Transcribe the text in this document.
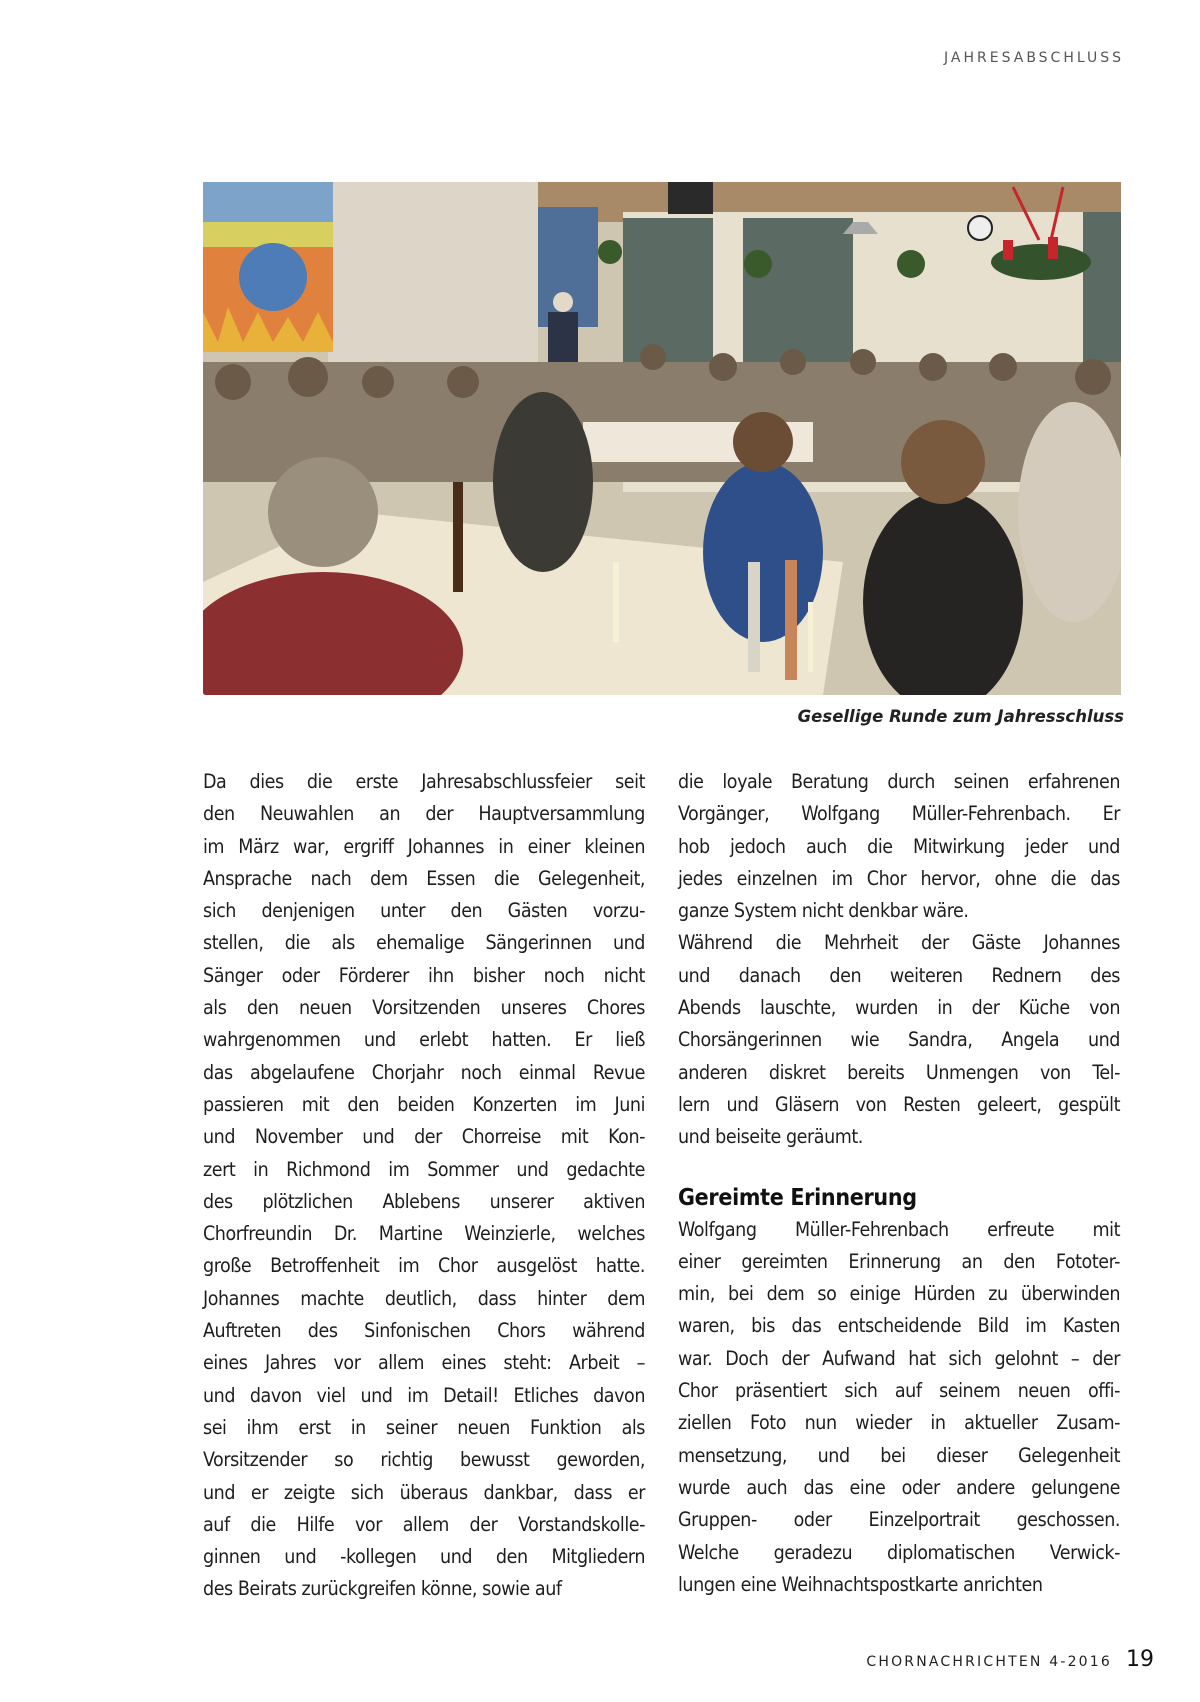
JAHRESABSCHLUSS
Gesellige Runde zum Jahresschluss
Da dies die erste Jahresabschlussfeier seit
den Neuwahlen an der Hauptversammlung
im März war, ergriff Johannes in einer kleinen
Ansprache nach dem Essen die Gelegenheit,
sich denjenigen unter den Gästen vorzu-
stellen, die als ehemalige Sängerinnen und
Sänger oder Förderer ihn bisher noch nicht
als den neuen Vorsitzenden unseres Chores
wahrgenommen und erlebt hatten. Er ließ
das abgelaufene Chorjahr noch einmal Revue
passieren mit den beiden Konzerten im Juni
und November und der Chorreise mit Kon-
zert in Richmond im Sommer und gedachte
des plötzlichen Ablebens unserer aktiven
Chorfreundin Dr. Martine Weinzierle, welches
große Betroffenheit im Chor ausgelöst hatte.
Johannes machte deutlich, dass hinter dem
Auftreten des Sinfonischen Chors während
eines Jahres vor allem eines steht: Arbeit –
und davon viel und im Detail! Etliches davon
sei ihm erst in seiner neuen Funktion als
Vorsitzender so richtig bewusst geworden,
und er zeigte sich überaus dankbar, dass er
auf die Hilfe vor allem der Vorstandskolle-
ginnen und -kollegen und den Mitgliedern
des Beirats zurückgreifen könne, sowie auf
die loyale Beratung durch seinen erfahrenen
Vorgänger, Wolfgang Müller-Fehrenbach. Er
hob jedoch auch die Mitwirkung jeder und
jedes einzelnen im Chor hervor, ohne die das
ganze System nicht denkbar wäre.
Während die Mehrheit der Gäste Johannes
und danach den weiteren Rednern des
Abends lauschte, wurden in der Küche von
Chorsängerinnen wie Sandra, Angela und
anderen diskret bereits Unmengen von Tel-
lern und Gläsern von Resten geleert, gespült
und beiseite geräumt.
Gereimte Erinnerung
Wolfgang Müller-Fehrenbach erfreute mit
einer gereimten Erinnerung an den Fototer-
min, bei dem so einige Hürden zu überwinden
waren, bis das entscheidende Bild im Kasten
war. Doch der Aufwand hat sich gelohnt – der
Chor präsentiert sich auf seinem neuen offi-
ziellen Foto nun wieder in aktueller Zusam-
mensetzung, und bei dieser Gelegenheit
wurde auch das eine oder andere gelungene
Gruppen- oder Einzelportrait geschossen.
Welche geradezu diplomatischen Verwick-
lungen eine Weihnachtspostkarte anrichten
CHORNACHRICHTEN 4-2016 19
